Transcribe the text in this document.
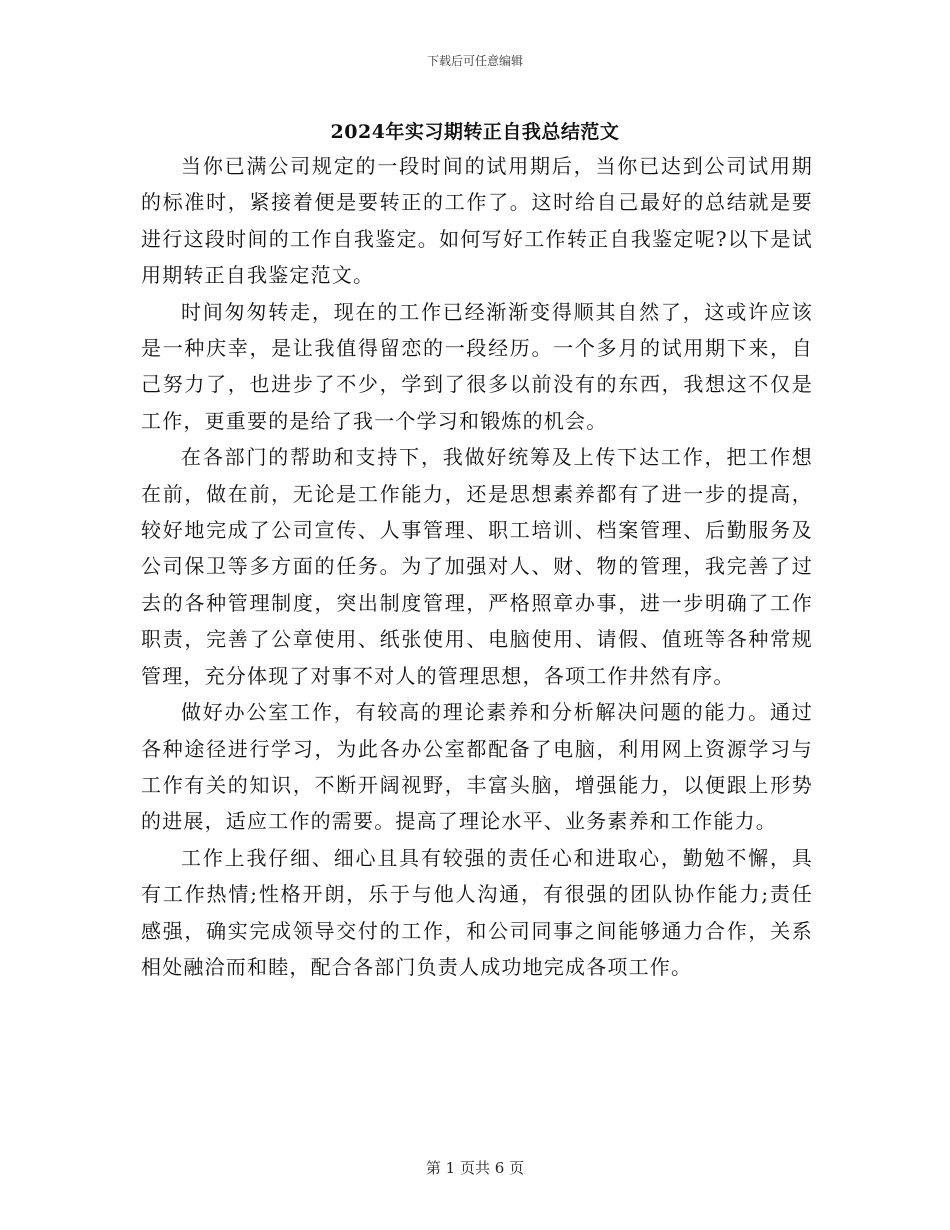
下载后可任意编辑
2024年实习期转正自我总结范文

当你已满公司规定的一段时间的试用期后，当你已达到公司试用期的标准时，紧接着便是要转正的工作了。这时给自己最好的总结就是要进行这段时间的工作自我鉴定。如何写好工作转正自我鉴定呢?以下是试用期转正自我鉴定范文。

时间匆匆转走，现在的工作已经渐渐变得顺其自然了，这或许应该是一种庆幸，是让我值得留恋的一段经历。一个多月的试用期下来，自己努力了，也进步了不少，学到了很多以前没有的东西，我想这不仅是工作，更重要的是给了我一个学习和锻炼的机会。

在各部门的帮助和支持下，我做好统筹及上传下达工作，把工作想在前，做在前，无论是工作能力，还是思想素养都有了进一步的提高，较好地完成了公司宣传、人事管理、职工培训、档案管理、后勤服务及公司保卫等多方面的任务。为了加强对人、财、物的管理，我完善了过去的各种管理制度，突出制度管理，严格照章办事，进一步明确了工作职责，完善了公章使用、纸张使用、电脑使用、请假、值班等各种常规管理，充分体现了对事不对人的管理思想，各项工作井然有序。

做好办公室工作，有较高的理论素养和分析解决问题的能力。通过各种途径进行学习，为此各办公室都配备了电脑，利用网上资源学习与工作有关的知识，不断开阔视野，丰富头脑，增强能力，以便跟上形势的进展，适应工作的需要。提高了理论水平、业务素养和工作能力。

工作上我仔细、细心且具有较强的责任心和进取心，勤勉不懈，具有工作热情;性格开朗，乐于与他人沟通，有很强的团队协作能力;责任感强，确实完成领导交付的工作，和公司同事之间能够通力合作，关系相处融洽而和睦，配合各部门负责人成功地完成各项工作。

第 1 页共 6 页
